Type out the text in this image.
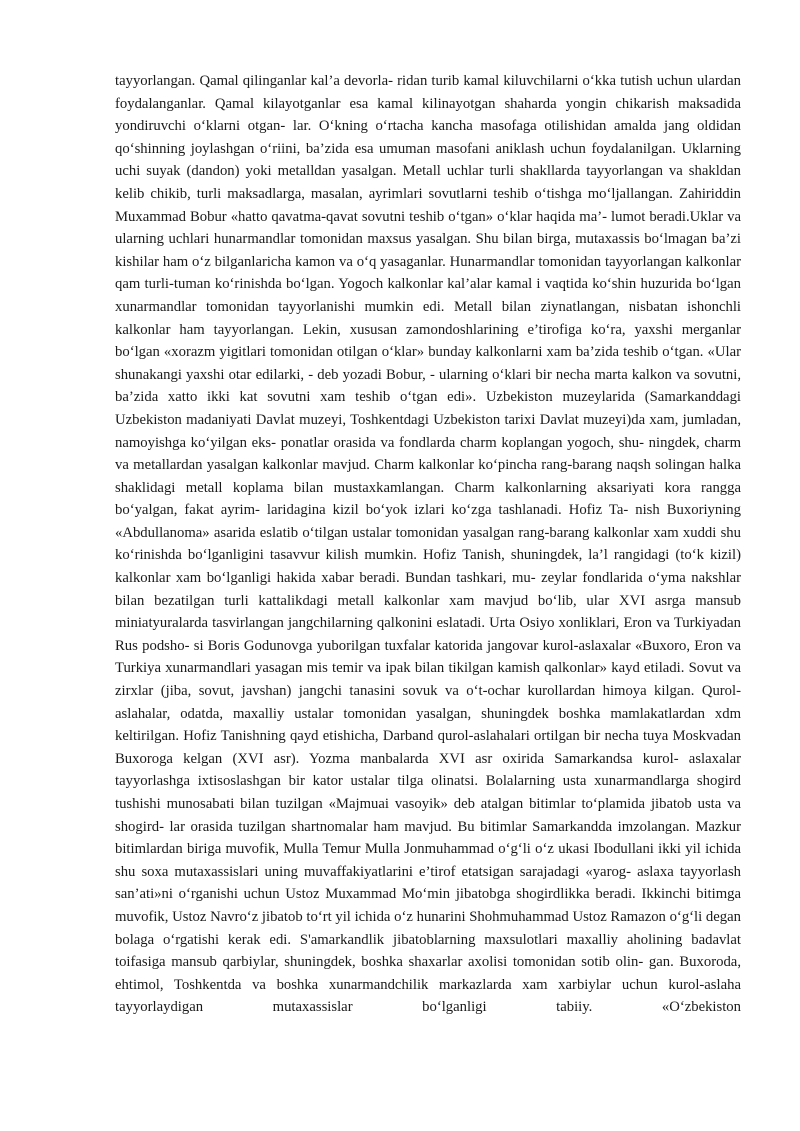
tayyorlangan. Qamal qilinganlar kal’a devorla- ridan turib kamal kiluvchilarni o‘kka tutish uchun ulardan foydalanganlar. Qamal kilayotganlar esa kamal kilinayotgan shaharda yongin chikarish maksadida yondiruvchi o‘klarni otgan- lar. O‘kning o‘rtacha kancha masofaga otilishidan amalda jang oldidan qo‘shinning joylashgan o‘riini, ba’zida esa umuman masofani aniklash uchun foydalanilgan. Uklarning uchi suyak (dandon) yoki metalldan yasalgan. Metall uchlar turli shakllarda tayyorlangan va shakldan kelib chikib, turli maksadlarga, masalan, ayrimlari sovutlarni teshib o‘tishga mo‘ljallangan. Zahiriddin Muxammad Bobur «hatto qavatma-qavat sovutni teshib o‘tgan» o‘klar haqida ma’- lumot beradi.Uklar va ularning uchlari hunarmandlar tomonidan maxsus yasalgan. Shu bilan birga, mutaxassis bo‘lmagan ba’zi kishilar ham o‘z bilganlaricha kamon va o‘q yasaganlar. Hunarmandlar tomonidan tayyorlangan kalkonlar qam turli-tuman ko‘rinishda bo‘lgan. Yogoch kalkonlar kal’alar kamal i vaqtida ko‘shin huzurida bo‘lgan xunarmandlar tomonidan tayyorlanishi mumkin edi. Metall bilan ziynatlangan, nisbatan ishonchli kalkonlar ham tayyorlangan. Lekin, xususan zamondoshlarining e’tirofiga ko‘ra, yaxshi merganlar bo‘lgan «xorazm yigitlari tomonidan otilgan o‘klar» bunday kalkonlarni xam ba’zida teshib o‘tgan. «Ular shunakangi yaxshi otar edilarki, - deb yozadi Bobur, - ularning o‘klari bir necha marta kalkon va sovutni, ba’zida xatto ikki kat sovutni xam teshib o‘tgan edi». Uzbekiston muzeylarida (Samarkanddagi Uzbekiston madaniyati Davlat muzeyi, Toshkentdagi Uzbekiston tarixi Davlat muzeyi)da xam, jumladan, namoyishga ko‘yilgan eks- ponatlar orasida va fondlarda charm koplangan yogoch, shu- ningdek, charm va metallardan yasalgan kalkonlar mavjud. Charm kalkonlar ko‘pincha rang-barang naqsh solingan halka shaklidagi metall koplama bilan mustaxkamlangan. Charm kalkonlarning aksariyati kora rangga bo‘yalgan, fakat ayrim- laridagina kizil bo‘yok izlari ko‘zga tashlanadi. Hofiz Ta- nish Buxoriyning «Abdullanoma» asarida eslatib o‘tilgan ustalar tomonidan yasalgan rang-barang kalkonlar xam xuddi shu ko‘rinishda bo‘lganligini tasavvur kilish mumkin. Hofiz Tanish, shuningdek, la’l rangidagi (to‘k kizil) kalkonlar xam bo‘lganligi hakida xabar beradi. Bundan tashkari, mu- zeylar fondlarida o‘yma nakshlar bilan bezatilgan turli kattalikdagi metall kalkonlar xam mavjud bo‘lib, ular XVI asrga mansub miniatyuralarda tasvirlangan jangchilarning qalkonini eslatadi. Urta Osiyo xonliklari, Eron va Turkiyadan Rus podsho- si Boris Godunovga yuborilgan tuxfalar katorida jangovar kurol-aslaxalar «Buxoro, Eron va Turkiya xunarmandlari yasagan mis temir va ipak bilan tikilgan kamish qalkonlar» kayd etiladi. Sovut va zirxlar (jiba, sovut, javshan) jangchi tanasini sovuk va o‘t-ochar kurollardan himoya kilgan. Qurol-aslahalar, odatda, maxalliy ustalar tomonidan yasalgan, shuningdek boshka mamlakatlardan xdm keltirilgan. Hofiz Tanishning qayd etishicha, Darband qurol-aslahalari ortilgan bir necha tuya Moskvadan Buxoroga kelgan (XVI asr). Yozma manbalarda XVI asr oxirida Samarkandsa kurol- aslaxalar tayyorlashga ixtisoslashgan bir kator ustalar tilga olinatsi. Bolalarning usta xunarmandlarga shogird tushishi munosabati bilan tuzilgan «Majmuai vasoyik» deb atalgan bitimlar toʻplamida jibatob usta va shogird- lar orasida tuzilgan shartnomalar ham mavjud. Bu bitimlar Samarkandda imzolangan. Mazkur bitimlardan biriga muvofik, Mulla Temur Mulla Jonmuhammad o‘g‘li o‘z ukasi Ibodullani ikki yil ichida shu soxa mutaxassislari uning muvaffakiyatlarini e’tirof etatsigan sarajadagi «yarog- aslaxa tayyorlash san’ati»ni o‘rganishi uchun Ustoz Muxammad Mo‘min jibatobga shogirdlikka beradi. Ikkinchi bitimga muvofik, Ustoz Navro‘z jibatob to‘rt yil ichida o‘z hunarini Shohmuhammad Ustoz Ramazon o‘g‘li degan bolaga o‘rgatishi kerak edi. S'amarkandlik jibatoblarning maxsulotlari maxalliy aholining badavlat toifasiga mansub qarbiylar, shuningdek, boshka shaxarlar axolisi tomonidan sotib olin- gan. Buxoroda, ehtimol, Toshkentda va boshka xunarmandchilik markazlarda xam xarbiylar uchun kurol-aslaha tayyorlaydigan mutaxassislar bo‘lganligi tabiiy. «O‘zbekiston
